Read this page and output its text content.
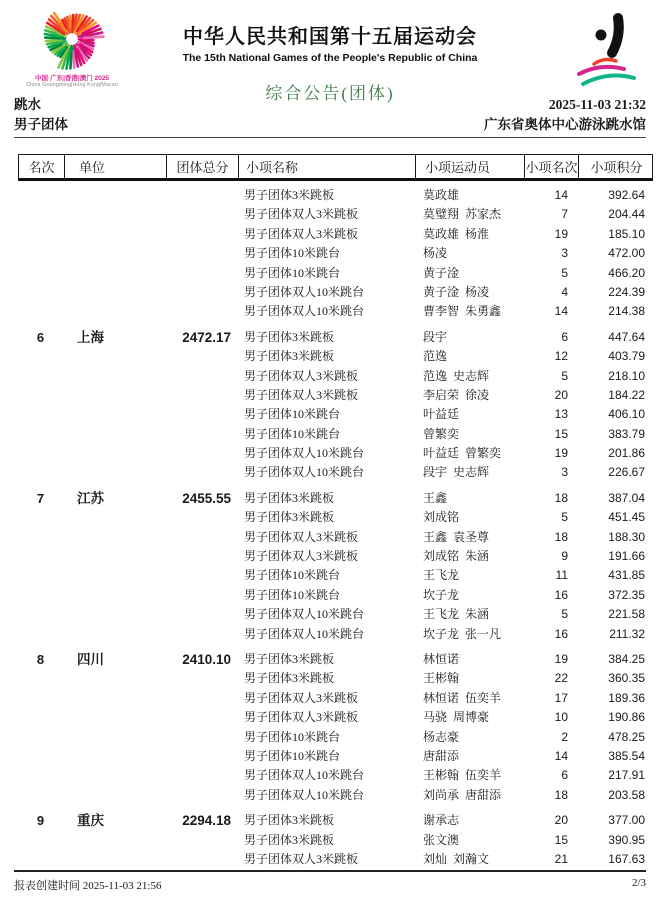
中国·广东|香港|澳门 2025
China·Guangdong|Hong Kong|Macau
中华人民共和国第十五届运动会
The 15th National Games of the People's Republic of China
综合公告(团体)
跳水	2025-11-03 21:32
男子团体	广东省奥体中心游泳跳水馆
名次	单位	团体总分	小项名称	小项运动员	小项名次 小项积分
男子团体3米跳板	莫政雄	14	392.64
男子团体双人3米跳板	莫璧翔  苏家杰	7	204.44
男子团体双人3米跳板	莫政雄  杨淮	19	185.10
男子团体10米跳台	杨凌	3	472.00
男子团体10米跳台	黄子淦	5	466.20
男子团体双人10米跳台	黄子淦  杨凌	4	224.39
男子团体双人10米跳台	曹李智  朱勇鑫	14	214.38
6	上海	2472.17	男子团体3米跳板	段宇	6	447.64
男子团体3米跳板	范逸	12	403.79
男子团体双人3米跳板	范逸  史志辉	5	218.10
男子团体双人3米跳板	李启荣  徐凌	20	184.22
男子团体10米跳台	叶益廷	13	406.10
男子团体10米跳台	曾繁奕	15	383.79
男子团体双人10米跳台	叶益廷  曾繁奕	19	201.86
男子团体双人10米跳台	段宇  史志辉	3	226.67
7	江苏	2455.55	男子团体3米跳板	王鑫	18	387.04
男子团体3米跳板	刘成铭	5	451.45
男子团体双人3米跳板	王鑫  袁圣尊	18	188.30
男子团体双人3米跳板	刘成铭  朱涵	9	191.66
男子团体10米跳台	王飞龙	11	431.85
男子团体10米跳台	坎子龙	16	372.35
男子团体双人10米跳台	王飞龙  朱涵	5	221.58
男子团体双人10米跳台	坎子龙  张一凡	16	211.32
8	四川	2410.10	男子团体3米跳板	林恒诺	19	384.25
男子团体3米跳板	王彬翰	22	360.35
男子团体双人3米跳板	林恒诺  伍奕羊	17	189.36
男子团体双人3米跳板	马骁  周博豪	10	190.86
男子团体10米跳台	杨志豪	2	478.25
男子团体10米跳台	唐甜添	14	385.54
男子团体双人10米跳台	王彬翰  伍奕羊	6	217.91
男子团体双人10米跳台	刘尚承  唐甜添	18	203.58
9	重庆	2294.18	男子团体3米跳板	谢承志	20	377.00
男子团体3米跳板	张文澳	15	390.95
男子团体双人3米跳板	刘灿  刘瀚文	21	167.63
报表创建时间 2025-11-03 21:56	2/3
